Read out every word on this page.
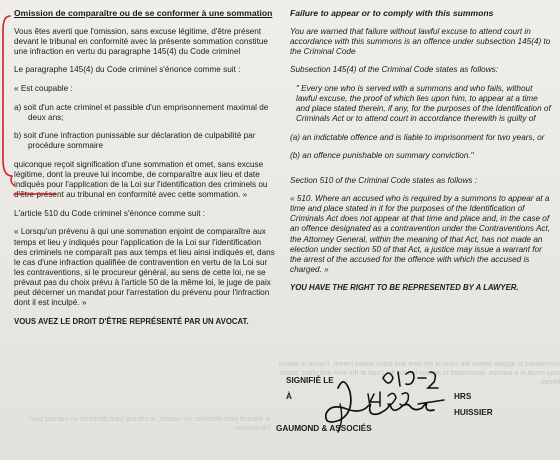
summoned to appear before the court at the time and place stated herein. Failure to attend may result in a warrant. summoned to appear before the court at the time and place stated herein.
le tribunal peut décerner un mandat. le tribunal peut décerner un mandat pour l'arrestation.

Omission de comparaître ou de se conformer à une sommation

Vous êtes averti que l'omission, sans excuse légitime, d'être présent devant le tribunal en conformité avec la présente sommation constitue une infraction en vertu du paragraphe 145(4) du Code criminel

Le paragraphe 145(4) du Code criminel s'énonce comme suit :

« Est coupable :

a) soit d'un acte criminel et passible d'un emprisonnement maximal de deux ans;

b) soit d'une infraction punissable sur déclaration de culpabilité par procédure sommaire

quiconque reçoit signification d'une sommation et omet, sans excuse légitime, dont la preuve lui incombe, de comparaître aux lieu et date indiqués pour l'application de la Loi sur l'identification des criminels ou d'être présent au tribunal en conformité avec cette sommation. »

L'article 510 du Code criminel s'énonce comme suit :

« Lorsqu'un prévenu à qui une sommation enjoint de comparaître aux temps et lieu y indiqués pour l'application de la Loi sur l'identification des criminels ne comparaît pas aux temps et lieu ainsi indiqués et, dans le cas d'une infraction qualifiée de contravention en vertu de la Loi sur les contraventions, si le procureur général, au sens de cette loi, ne se prévaut pas du choix prévu à l'article 50 de la même loi, le juge de paix peut décerner un mandat pour l'arrestation du prévenu pour l'infraction dont il est inculpé. »

VOUS AVEZ LE DROIT D'ÊTRE REPRÉSENTÉ PAR UN AVOCAT.

Failure to appear or to comply with this summons

You are warned that failure without lawful excuse to attend court in accordance with this summons is an offence under subsection 145(4) to the Criminal Code

Subsection 145(4) of the Criminal Code states as follows:

" Every one who is served with a summons and who fails, without lawful excuse, the proof of which lies upon him, to appear at a time and place stated therein, if any, for the purposes of the Identification of Criminals Act or to attend court in accordance therewith is guilty of

(a) an indictable offence and is liable to imprisonment for two years, or

(b) an offence punishable on summary conviction."

Section 510 of the Criminal Code states as follows :

« 510. Where an accused who is required by a summons to appear at a time and place stated in it for the purposes of the Identification of Criminals Act does not appear at that time and place and, in the case of an offence designated as a contravention under the Contraventions Act, the Attorney General, within the meaning of that Act, has not made an election under section 50 of that Act, a justice may issue a warrant for the arrest of the accused for the offence with which the accused is charged. »

YOU HAVE THE RIGHT TO BE REPRESENTED BY A LAWYER.

SIGNIFIÉ LE
À	HRS
HUISSIER
GAUMOND & ASSOCIÉS
